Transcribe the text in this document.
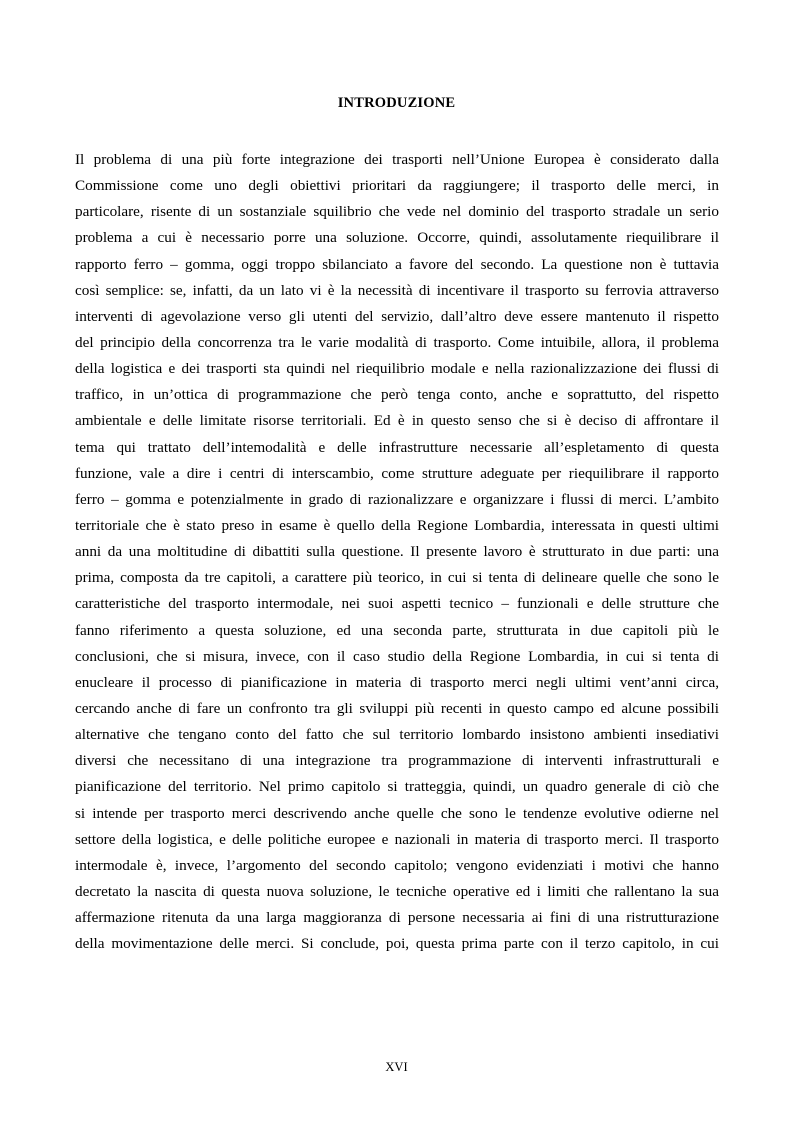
INTRODUZIONE
Il problema di una più forte integrazione dei trasporti nell’Unione Europea è considerato dalla
Commissione come uno degli obiettivi prioritari da raggiungere; il trasporto delle merci, in
particolare, risente di un sostanziale squilibrio che vede nel dominio del trasporto stradale un serio
problema a cui è necessario porre una soluzione. Occorre, quindi, assolutamente riequilibrare il
rapporto ferro – gomma, oggi troppo sbilanciato a favore del secondo. La questione non è tuttavia
così semplice: se, infatti, da un lato vi è la necessità di incentivare il trasporto su ferrovia attraverso
interventi di agevolazione verso gli utenti del servizio, dall’altro deve essere mantenuto il rispetto
del principio della concorrenza tra le varie modalità di trasporto. Come intuibile, allora, il problema
della logistica e dei trasporti sta quindi nel riequilibrio modale e nella razionalizzazione dei flussi di
traffico, in un’ottica di programmazione che però tenga conto, anche e soprattutto, del rispetto
ambientale e delle limitate risorse territoriali. Ed è in questo senso che si è deciso di affrontare il
tema qui trattato dell’intemodalità e delle infrastrutture necessarie all’espletamento di questa
funzione, vale a dire i centri di interscambio, come strutture adeguate per riequilibrare il rapporto
ferro – gomma e potenzialmente in grado di razionalizzare e organizzare i flussi di merci. L’ambito
territoriale che è stato preso in esame è quello della Regione Lombardia, interessata in questi ultimi
anni da una moltitudine di dibattiti sulla questione. Il presente lavoro è strutturato in due parti: una
prima, composta da tre capitoli, a carattere più teorico, in cui si tenta di delineare quelle che sono le
caratteristiche del trasporto intermodale, nei suoi aspetti tecnico – funzionali e delle strutture che
fanno riferimento a questa soluzione, ed una seconda parte, strutturata in due capitoli più le
conclusioni, che si misura, invece, con il caso studio della Regione Lombardia, in cui si tenta di
enucleare il processo di pianificazione in materia di trasporto merci negli ultimi vent’anni circa,
cercando anche di fare un confronto tra gli sviluppi più recenti in questo campo ed alcune possibili
alternative che tengano conto del fatto che sul territorio lombardo insistono ambienti insediativi
diversi che necessitano di una integrazione tra programmazione di interventi infrastrutturali e
pianificazione del territorio. Nel primo capitolo si tratteggia, quindi, un quadro generale di ciò che
si intende per trasporto merci descrivendo anche quelle che sono le tendenze evolutive odierne nel
settore della logistica, e delle politiche europee e nazionali in materia di trasporto merci. Il trasporto
intermodale è, invece, l’argomento del secondo capitolo; vengono evidenziati i motivi che hanno
decretato la nascita di questa nuova soluzione, le tecniche operative ed i limiti che rallentano la sua
affermazione ritenuta da una larga maggioranza di persone necessaria ai fini di una ristrutturazione
della movimentazione delle merci. Si conclude, poi, questa prima parte con il terzo capitolo, in cui
XVI
